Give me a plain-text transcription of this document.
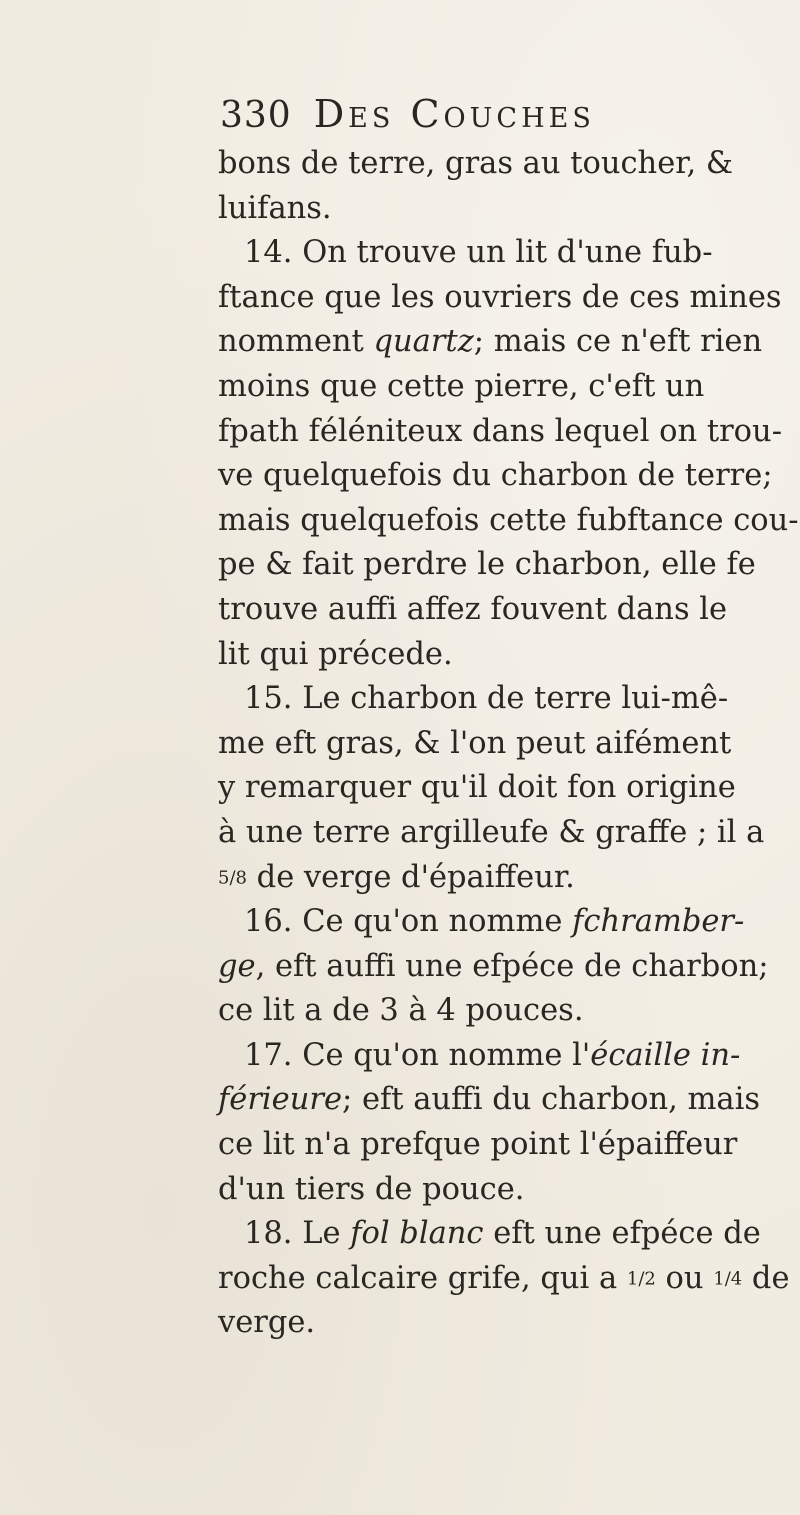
330 Des Couches
bons de terre, gras au toucher, &
luifans.
14. On trouve un lit d'une fub-
ftance que les ouvriers de ces mines
nomment quartz; mais ce n'eft rien
moins que cette pierre, c'eft un
fpath féléniteux dans lequel on trou-
ve quelquefois du charbon de terre;
mais quelquefois cette fubftance cou-
pe & fait perdre le charbon, elle fe
trouve auffi affez fouvent dans le
lit qui précede.
15. Le charbon de terre lui-mê-
me eft gras, & l'on peut aifément
y remarquer qu'il doit fon origine
à une terre argilleufe & graffe ; il a
5/8 de verge d'épaiffeur.
16. Ce qu'on nomme fchramber-
ge, eft auffi une efpéce de charbon;
ce lit a de 3 à 4 pouces.
17. Ce qu'on nomme l'écaille in-
férieure; eft auffi du charbon, mais
ce lit n'a prefque point l'épaiffeur
d'un tiers de pouce.
18. Le fol blanc eft une efpéce de
roche calcaire grife, qui a 1/2 ou 1/4 de
verge.
